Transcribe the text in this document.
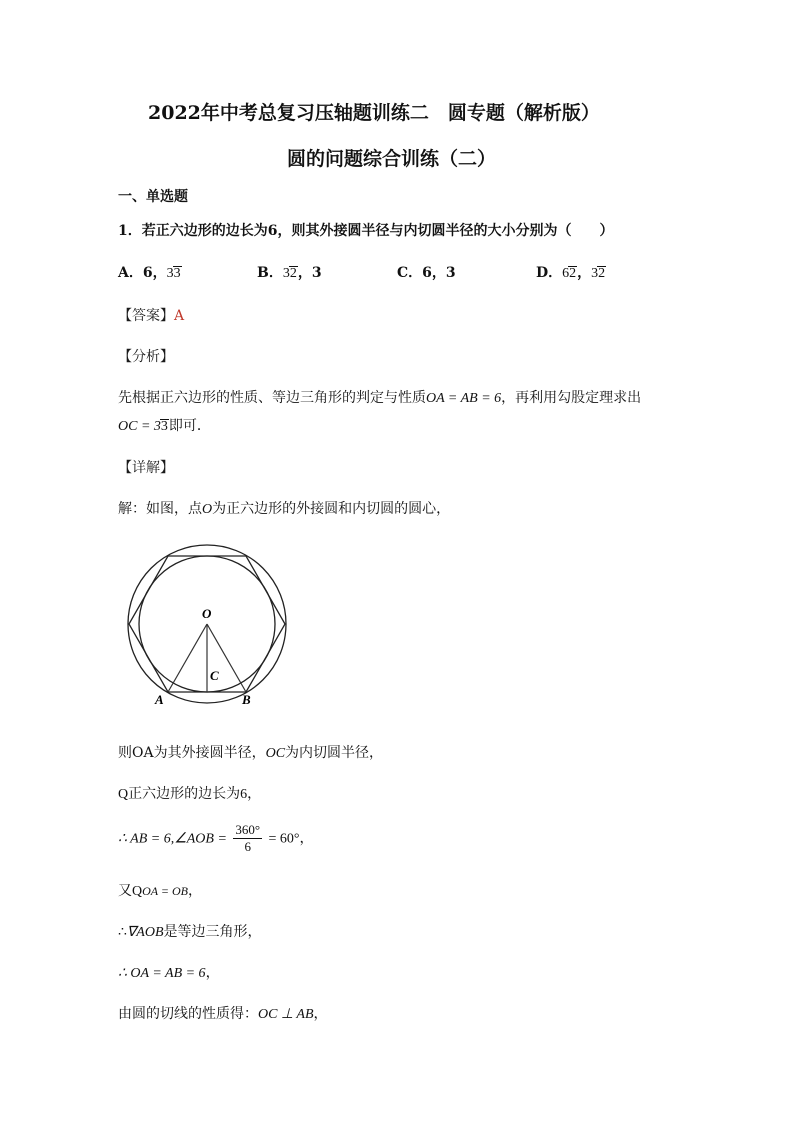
2022年中考总复习压轴题训练二　圆专题（解析版）
圆的问题综合训练（二）
一、单选题
1．若正六边形的边长为6，则其外接圆半径与内切圆半径的大小分别为（　　）
A．6，33	B．32，3	C．6，3	D．62，32
【答案】A
【分析】
先根据正六边形的性质、等边三角形的判定与性质OA = AB = 6，再利用勾股定理求出
OC = 33即可．
【详解】
解：如图，点O为正六边形的外接圆和内切圆的圆心，
O
C
A	B
则OA为其外接圆半径，OC为内切圆半径，
Q正六边形的边长为6，
∴ AB = 6,∠AOB = $\frac{360^\circ}{6} = 60^\circ$，
又QOA = OB，
∴∇AOB是等边三角形，
∴ OA = AB = 6，
由圆的切线的性质得：OC ⊥ AB，
